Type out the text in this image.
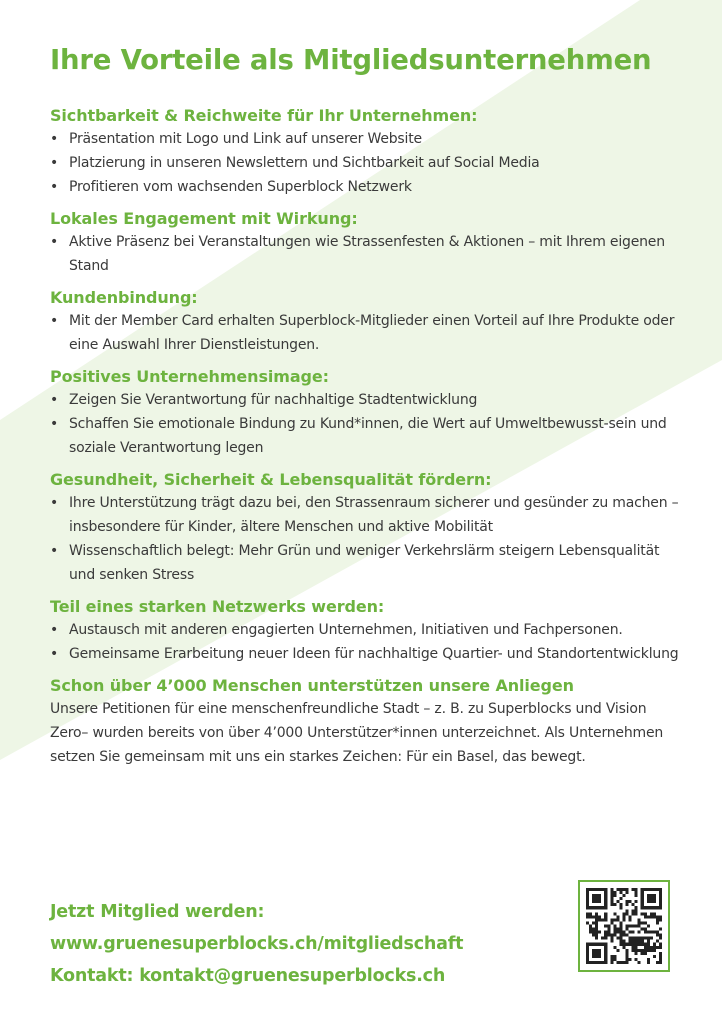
Ihre Vorteile als Mitgliedsunternehmen
Sichtbarkeit & Reichweite für Ihr Unternehmen:
• Präsentation mit Logo und Link auf unserer Website
• Platzierung in unseren Newslettern und Sichtbarkeit auf Social Media
• Profitieren vom wachsenden Superblock Netzwerk
Lokales Engagement mit Wirkung:
• Aktive Präsenz bei Veranstaltungen wie Strassenfesten & Aktionen – mit Ihrem eigenen Stand
Kundenbindung:
• Mit der Member Card erhalten Superblock-Mitglieder einen Vorteil auf Ihre Produkte oder eine Auswahl Ihrer Dienstleistungen.
Positives Unternehmensimage:
• Zeigen Sie Verantwortung für nachhaltige Stadtentwicklung
• Schaffen Sie emotionale Bindung zu Kund*innen, die Wert auf Umweltbewusst-sein und soziale Verantwortung legen
Gesundheit, Sicherheit & Lebensqualität fördern:
• Ihre Unterstützung trägt dazu bei, den Strassenraum sicherer und gesünder zu machen – insbesondere für Kinder, ältere Menschen und aktive Mobilität
• Wissenschaftlich belegt: Mehr Grün und weniger Verkehrslärm steigern Lebensqualität und senken Stress
Teil eines starken Netzwerks werden:
• Austausch mit anderen engagierten Unternehmen, Initiativen und Fachpersonen.
• Gemeinsame Erarbeitung neuer Ideen für nachhaltige Quartier- und Standortentwicklung
Schon über 4’000 Menschen unterstützen unsere Anliegen

Unsere Petitionen für eine menschenfreundliche Stadt – z. B. zu Superblocks und Vision Zero– wurden bereits von über 4’000 Unterstützer*innen unterzeichnet. Als Unternehmen setzen Sie gemeinsam mit uns ein starkes Zeichen: Für ein Basel, das bewegt.

Jetzt Mitglied werden:
www.gruenesuperblocks.ch/mitgliedschaft
Kontakt: kontakt@gruenesuperblocks.ch
